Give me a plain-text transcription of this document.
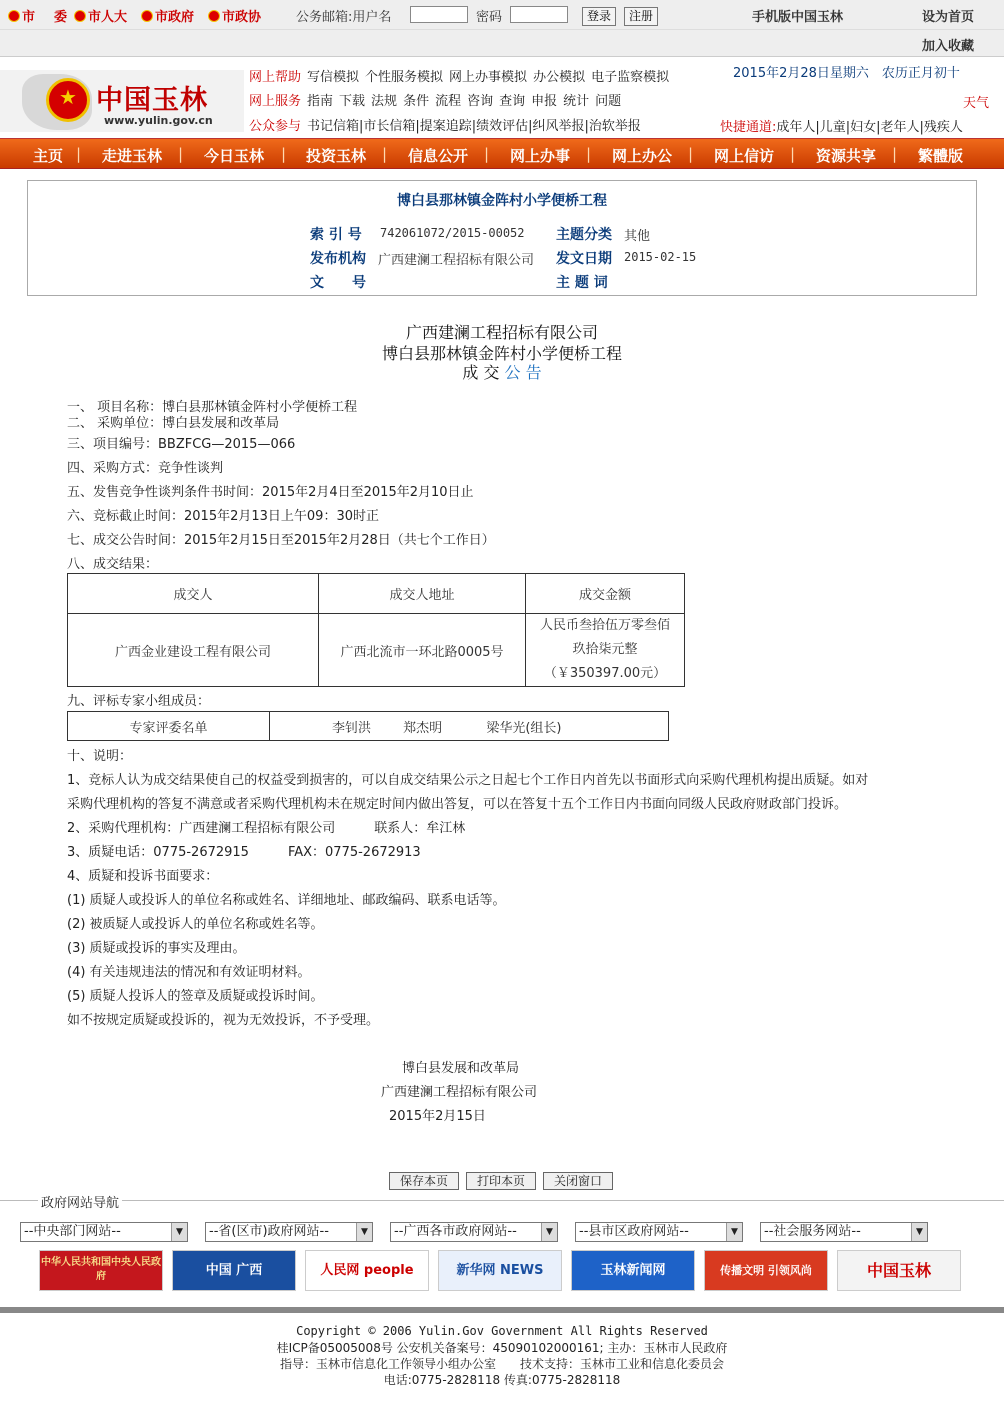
市 委	市人大	市政府	市政协	公务邮箱:用户名	密码	登录	注册	手机版中国玉林	设为首页
加入收藏
★
中国玉林
www.yulin.gov.cn
网上帮助 写信模拟 个性服务模拟 网上办事模拟 办公模拟 电子监察模拟
网上服务 指南 下载 法规 条件 流程 咨询 查询 申报 统计 问题
公众参与 书记信箱|市长信箱|提案追踪|绩效评估|纠风举报|治软举报
2015年2月28日星期六　农历正月初十
天气
快捷通道:成年人|儿童|妇女|老年人|残疾人
主页 | 走进玉林 | 今日玉林 | 投资玉林 | 信息公开 | 网上办事 | 网上办公 | 网上信访 | 资源共享 | 繁體版
博白县那林镇金阵村小学便桥工程
索 引 号 742061072/2015-00052 主题分类 其他
发布机构 广西建澜工程招标有限公司 发文日期 2015-02-15
文　　号	主 题 词
广西建澜工程招标有限公司
博白县那林镇金阵村小学便桥工程
成 交 公 告
一、 项目名称：博白县那林镇金阵村小学便桥工程
二、 采购单位：博白县发展和改革局
三、项目编号：BBZFCG—2015—066
四、采购方式：竞争性谈判
五、发售竞争性谈判条件书时间：2015年2月4日至2015年2月10日止
六、竞标截止时间：2015年2月13日上午09：30时正
七、成交公告时间：2015年2月15日至2015年2月28日（共七个工作日）
八、成交结果：
成交人	成交人地址	成交金额
广西金业建设工程有限公司	广西北流市一环北路0005号	人民币叁拾伍万零叁佰
玖拾柒元整
（￥350397.00元）
九、评标专家小组成员：
专家评委名单	李钊洪 郑杰明	梁华光(组长)
十、说明：
1、竞标人认为成交结果使自己的权益受到损害的，可以自成交结果公示之日起七个工作日内首先以书面形式向采购代理机构提出质疑。如对
采购代理机构的答复不满意或者采购代理机构未在规定时间内做出答复，可以在答复十五个工作日内书面向同级人民政府财政部门投诉。
2、采购代理机构：广西建澜工程招标有限公司　　　联系人：牟江林
3、质疑电话：0775-2672915　　　FAX：0775-2672913
4、质疑和投诉书面要求：
(1) 质疑人或投诉人的单位名称或姓名、详细地址、邮政编码、联系电话等。
(2) 被质疑人或投诉人的单位名称或姓名等。
(3) 质疑或投诉的事实及理由。
(4) 有关违规违法的情况和有效证明材料。
(5) 质疑人投诉人的签章及质疑或投诉时间。
如不按规定质疑或投诉的，视为无效投诉，不予受理。
博白县发展和改革局
广西建澜工程招标有限公司
2015年2月15日
保存本页	打印本页	关闭窗口
政府网站导航
--中央部门网站--	▼	--省(区市)政府网站--	▼	--广西各市政府网站--	▼	--县市区政府网站--	▼	--社会服务网站--	▼
中华人民共和国中央人民政府	中国 广西	人民网 people	新华网 NEWS	玉林新闻网	传播文明 引领风尚	中国玉林
Copyright © 2006 Yulin.Gov Government All Rights Reserved
桂ICP备05005008号 公安机关备案号：45090102000161; 主办：玉林市人民政府
指导：玉林市信息化工作领导小组办公室　　技术支持：玉林市工业和信息化委员会
电话:0775-2828118 传真:0775-2828118
